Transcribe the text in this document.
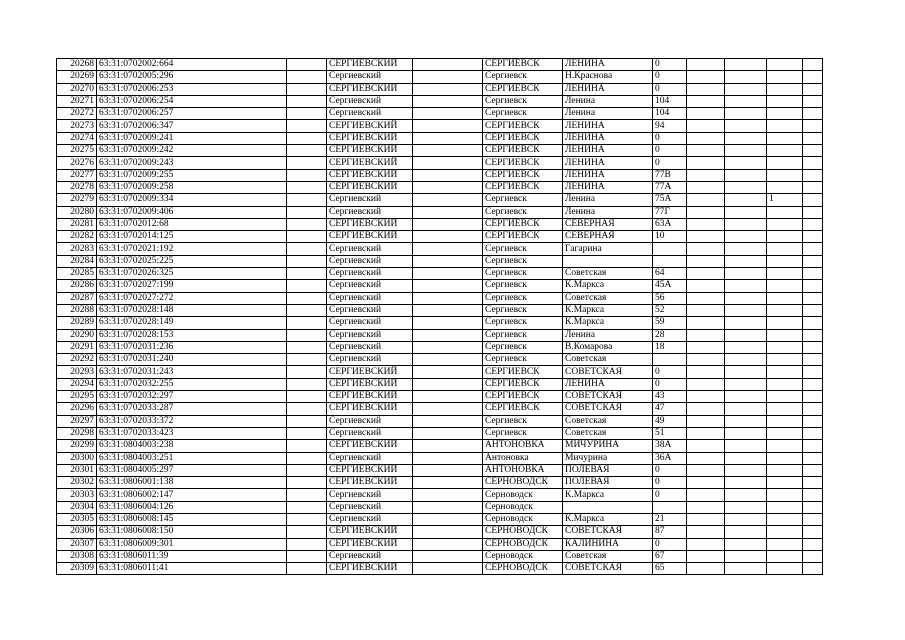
20268	63:31:0702002:664		СЕРГИЕВСКИЙ		СЕРГИЕВСК	ЛЕНИНА	0				
20269	63:31:0702005:296		Сергиевский		Сергиевск	Н.Краснова	0				
20270	63:31:0702006:253		СЕРГИЕВСКИЙ		СЕРГИЕВСК	ЛЕНИНА	0				
20271	63:31:0702006:254		Сергиевский		Сергиевск	Ленина	104				
20272	63:31:0702006:257		Сергиевский		Сергиевск	Ленина	104				
20273	63:31:0702006:347		СЕРГИЕВСКИЙ		СЕРГИЕВСК	ЛЕНИНА	94				
20274	63:31:0702009:241		СЕРГИЕВСКИЙ		СЕРГИЕВСК	ЛЕНИНА	0				
20275	63:31:0702009:242		СЕРГИЕВСКИЙ		СЕРГИЕВСК	ЛЕНИНА	0				
20276	63:31:0702009:243		СЕРГИЕВСКИЙ		СЕРГИЕВСК	ЛЕНИНА	0				
20277	63:31:0702009:255		СЕРГИЕВСКИЙ		СЕРГИЕВСК	ЛЕНИНА	77В				
20278	63:31:0702009:258		СЕРГИЕВСКИЙ		СЕРГИЕВСК	ЛЕНИНА	77А				
20279	63:31:0702009:334		Сергиевский		Сергиевск	Ленина	75А			1	
20280	63:31:0702009:406		Сергиевский		Сергиевск	Ленина	77Г				
20281	63:31:0702012:68		СЕРГИЕВСКИЙ		СЕРГИЕВСК	СЕВЕРНАЯ	63А				
20282	63:31:0702014:125		СЕРГИЕВСКИЙ		СЕРГИЕВСК	СЕВЕРНАЯ	10				
20283	63:31:0702021:192		Сергиевский		Сергиевск	Гагарина					
20284	63:31:0702025:225		Сергиевский		Сергиевск						
20285	63:31:0702026:325		Сергиевский		Сергиевск	Советская	64				
20286	63:31:0702027:199		Сергиевский		Сергиевск	К.Маркса	45А				
20287	63:31:0702027:272		Сергиевский		Сергиевск	Советская	56				
20288	63:31:0702028:148		Сергиевский		Сергиевск	К.Маркса	52				
20289	63:31:0702028:149		Сергиевский		Сергиевск	К.Маркса	59				
20290	63:31:0702028:153		Сергиевский		Сергиевск	Ленина	28				
20291	63:31:0702031:236		Сергиевский		Сергиевск	В.Комарова	18				
20292	63:31:0702031:240		Сергиевский		Сергиевск	Советская					
20293	63:31:0702031:243		СЕРГИЕВСКИЙ		СЕРГИЕВСК	СОВЕТСКАЯ	0				
20294	63:31:0702032:255		СЕРГИЕВСКИЙ		СЕРГИЕВСК	ЛЕНИНА	0				
20295	63:31:0702032:297		СЕРГИЕВСКИЙ		СЕРГИЕВСК	СОВЕТСКАЯ	43				
20296	63:31:0702033:287		СЕРГИЕВСКИЙ		СЕРГИЕВСК	СОВЕТСКАЯ	47				
20297	63:31:0702033:372		Сергиевский		Сергиевск	Советская	49				
20298	63:31:0702033:423		Сергиевский		Сергиевск	Советская	51				
20299	63:31:0804003:238		СЕРГИЕВСКИЙ		АНТОНОВКА	МИЧУРИНА	38А				
20300	63:31:0804003:251		Сергиевский		Антоновка	Мичурина	36А				
20301	63:31:0804005:297		СЕРГИЕВСКИЙ		АНТОНОВКА	ПОЛЕВАЯ	0				
20302	63:31:0806001:138		СЕРГИЕВСКИЙ		СЕРНОВОДСК	ПОЛЕВАЯ	0				
20303	63:31:0806002:147		Сергиевский		Серноводск	К.Маркса	0				
20304	63:31:0806004:126		Сергиевский		Серноводск						
20305	63:31:0806008:145		Сергиевский		Серноводск	К.Маркса	21				
20306	63:31:0806008:150		СЕРГИЕВСКИЙ		СЕРНОВОДСК	СОВЕТСКАЯ	87				
20307	63:31:0806009:301		СЕРГИЕВСКИЙ		СЕРНОВОДСК	КАЛИНИНА	0				
20308	63:31:0806011:39		Сергиевский		Серноводск	Советская	67				
20309	63:31:0806011:41		СЕРГИЕВСКИЙ		СЕРНОВОДСК	СОВЕТСКАЯ	65				
